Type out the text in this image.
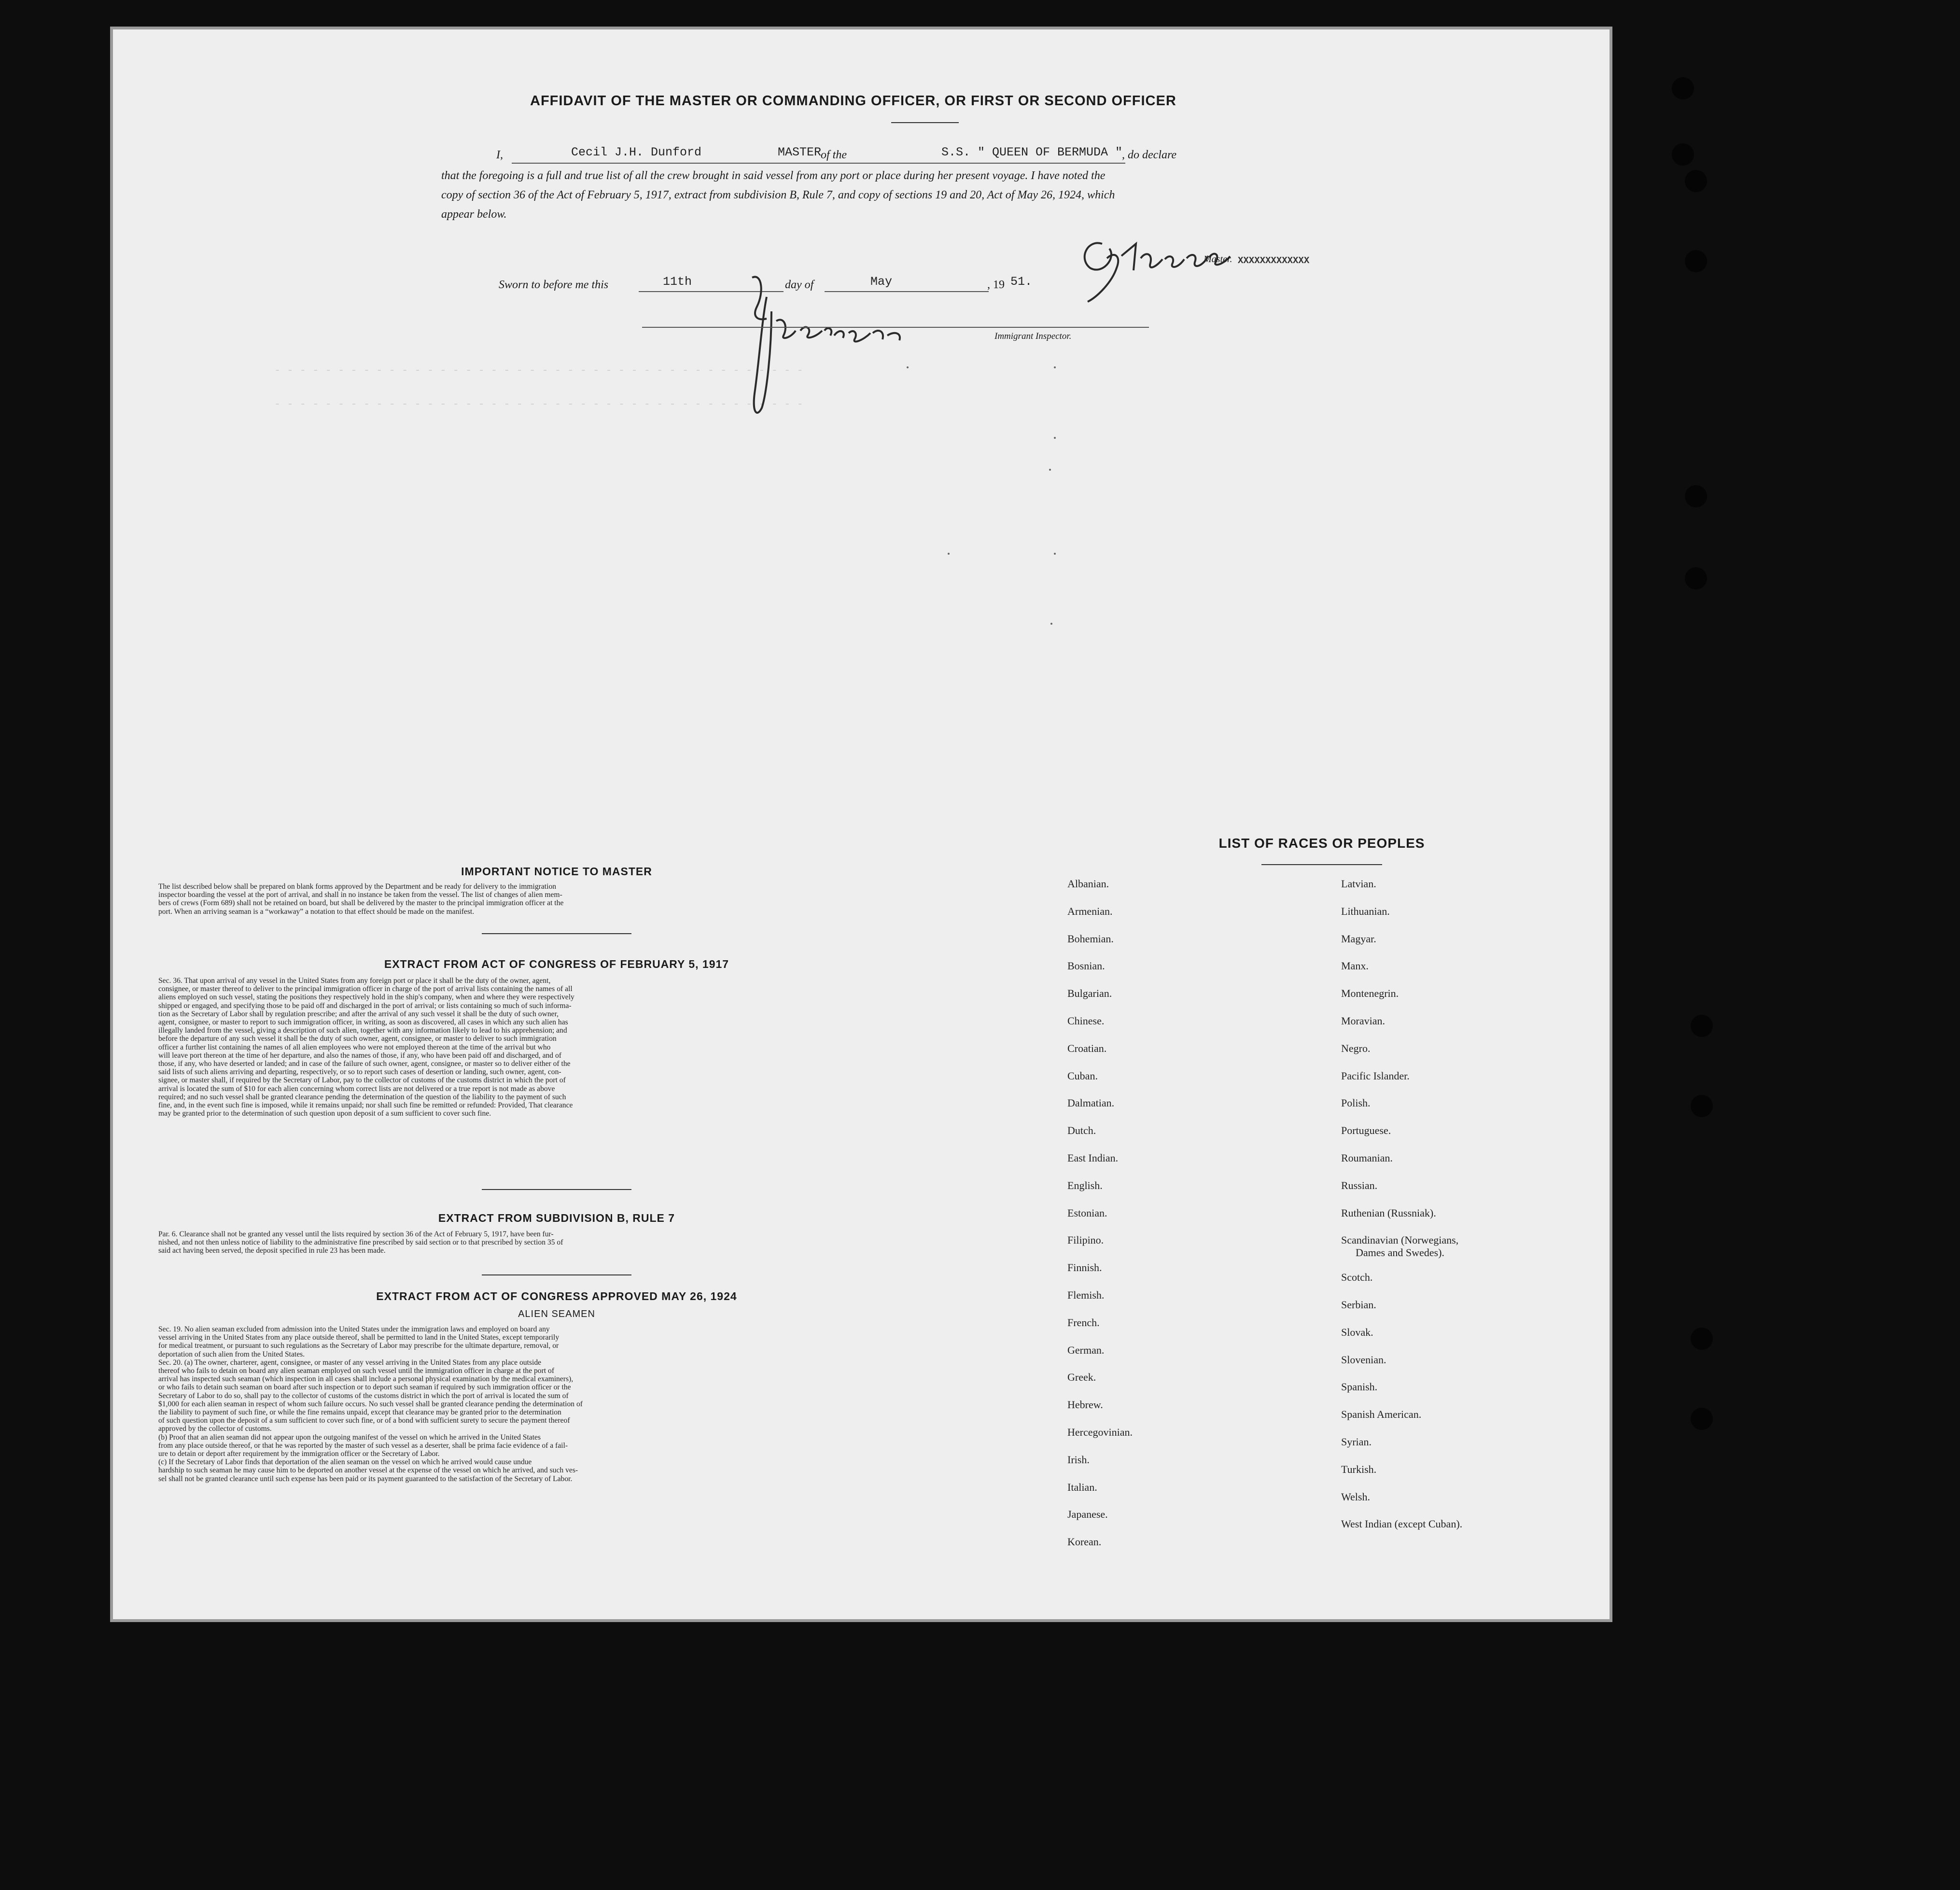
- - - - - - - - - - - - - - - - - - - - - - - - - - - - - - - - - - - - - - - - - -
- - - - - - - - - - - - - - - - - - - - - - - - - - - - - - - - - - - - - - - - - -
AFFIDAVIT OF THE MASTER OR COMMANDING OFFICER, OR FIRST OR SECOND OFFICER
I,	Cecil J.H. Dunford	MASTER
of the	S.S. " QUEEN OF BERMUDA "
, do declare
that the foregoing is a full and true list of all the crew brought in said vessel from any port or place during her present voyage. I have noted the
copy of section 36 of the Act of February 5, 1917, extract from subdivision B, Rule 7, and copy of sections 19 and 20, Act of May 26, 1924, which
appear below.
Master. XXXXXXXXXXXXX
Sworn to before me this	11th	day of	May	, 19 51.
Immigrant Inspector.
IMPORTANT NOTICE TO MASTER
The list described below shall be prepared on blank forms approved by the Department and be ready for delivery to the immigration
inspector boarding the vessel at the port of arrival, and shall in no instance be taken from the vessel. The list of changes of alien mem-
bers of crews (Form 689) shall not be retained on board, but shall be delivered by the master to the principal immigration officer at the
port. When an arriving seaman is a “workaway” a notation to that effect should be made on the manifest.
EXTRACT FROM ACT OF CONGRESS OF FEBRUARY 5, 1917
Sec. 36. That upon arrival of any vessel in the United States from any foreign port or place it shall be the duty of the owner, agent,
consignee, or master thereof to deliver to the principal immigration officer in charge of the port of arrival lists containing the names of all
aliens employed on such vessel, stating the positions they respectively hold in the ship's company, when and where they were respectively
shipped or engaged, and specifying those to be paid off and discharged in the port of arrival; or lists containing so much of such informa-
tion as the Secretary of Labor shall by regulation prescribe; and after the arrival of any such vessel it shall be the duty of such owner,
agent, consignee, or master to report to such immigration officer, in writing, as soon as discovered, all cases in which any such alien has
illegally landed from the vessel, giving a description of such alien, together with any information likely to lead to his apprehension; and
before the departure of any such vessel it shall be the duty of such owner, agent, consignee, or master to deliver to such immigration
officer a further list containing the names of all alien employees who were not employed thereon at the time of the arrival but who
will leave port thereon at the time of her departure, and also the names of those, if any, who have been paid off and discharged, and of
those, if any, who have deserted or landed; and in case of the failure of such owner, agent, consignee, or master so to deliver either of the
said lists of such aliens arriving and departing, respectively, or so to report such cases of desertion or landing, such owner, agent, con-
signee, or master shall, if required by the Secretary of Labor, pay to the collector of customs of the customs district in which the port of
arrival is located the sum of $10 for each alien concerning whom correct lists are not delivered or a true report is not made as above
required; and no such vessel shall be granted clearance pending the determination of the question of the liability to the payment of such
fine, and, in the event such fine is imposed, while it remains unpaid; nor shall such fine be remitted or refunded: Provided, That clearance
may be granted prior to the determination of such question upon deposit of a sum sufficient to cover such fine.
EXTRACT FROM SUBDIVISION B, RULE 7
Par. 6. Clearance shall not be granted any vessel until the lists required by section 36 of the Act of February 5, 1917, have been fur-
nished, and not then unless notice of liability to the administrative fine prescribed by said section or to that prescribed by section 35 of
said act having been served, the deposit specified in rule 23 has been made.
EXTRACT FROM ACT OF CONGRESS APPROVED MAY 26, 1924
ALIEN SEAMEN
Sec. 19. No alien seaman excluded from admission into the United States under the immigration laws and employed on board any
vessel arriving in the United States from any place outside thereof, shall be permitted to land in the United States, except temporarily
for medical treatment, or pursuant to such regulations as the Secretary of Labor may prescribe for the ultimate departure, removal, or
deportation of such alien from the United States.
Sec. 20. (a) The owner, charterer, agent, consignee, or master of any vessel arriving in the United States from any place outside
thereof who fails to detain on board any alien seaman employed on such vessel until the immigration officer in charge at the port of
arrival has inspected such seaman (which inspection in all cases shall include a personal physical examination by the medical examiners),
or who fails to detain such seaman on board after such inspection or to deport such seaman if required by such immigration officer or the
Secretary of Labor to do so, shall pay to the collector of customs of the customs district in which the port of arrival is located the sum of
$1,000 for each alien seaman in respect of whom such failure occurs. No such vessel shall be granted clearance pending the determination of
the liability to payment of such fine, or while the fine remains unpaid, except that clearance may be granted prior to the determination
of such question upon the deposit of a sum sufficient to cover such fine, or of a bond with sufficient surety to secure the payment thereof
approved by the collector of customs.
(b) Proof that an alien seaman did not appear upon the outgoing manifest of the vessel on which he arrived in the United States
from any place outside thereof, or that he was reported by the master of such vessel as a deserter, shall be prima facie evidence of a fail-
ure to detain or deport after requirement by the immigration officer or the Secretary of Labor.
(c) If the Secretary of Labor finds that deportation of the alien seaman on the vessel on which he arrived would cause undue
hardship to such seaman he may cause him to be deported on another vessel at the expense of the vessel on which he arrived, and such ves-
sel shall not be granted clearance until such expense has been paid or its payment guaranteed to the satisfaction of the Secretary of Labor.
LIST OF RACES OR PEOPLES
Albanian.
Armenian.
Bohemian.
Bosnian.
Bulgarian.
Chinese.
Croatian.
Cuban.
Dalmatian.
Dutch.
East Indian.
English.
Estonian.
Filipino.
Finnish.
Flemish.
French.
German.
Greek.
Hebrew.
Hercegovinian.
Irish.
Italian.
Japanese.
Korean.
Latvian.
Lithuanian.
Magyar.
Manx.
Montenegrin.
Moravian.
Negro.
Pacific Islander.
Polish.
Portuguese.
Roumanian.
Russian.
Ruthenian (Russniak).
Scandinavian (Norwegians,
Dames and Swedes).
Scotch.
Serbian.
Slovak.
Slovenian.
Spanish.
Spanish American.
Syrian.
Turkish.
Welsh.
West Indian (except Cuban).
